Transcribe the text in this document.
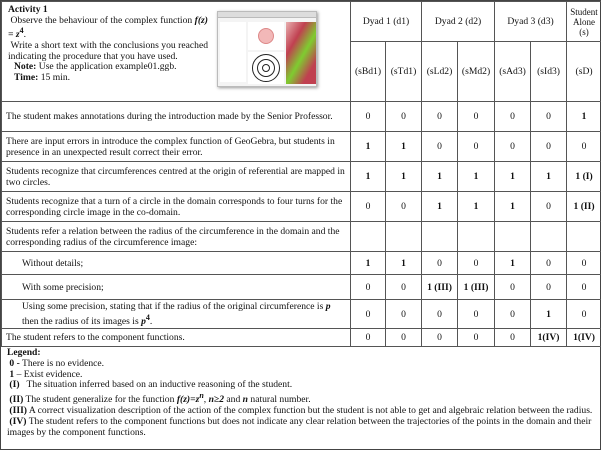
Activity 1

Observe the behaviour of the complex function $f(z) = z^4$.

Write a short text with the conclusions you reached indicating the procedure that you have used.

Note: Use the application example01.ggb.

Time: 15 min.	Dyad 1 (d1)		Dyad 2 (d2)		Dyad 3 (d3)		Student Alone (s)
	(sBd1)	(sTd1)	(sLd2)	(sMd2)	(sAd3)	(sId3)	(sD)
The student makes annotations during the introduction made by the Senior Professor.	0	0	0	0	0	0	1
There are input errors in introduce the complex function of GeoGebra, but students in presence in an unexpected result correct their error.	1	1	0	0	0	0	0
Students recognize that circumferences centred at the origin of referential are mapped in two circles.	1	1	1	1	1	1	1 (I)
Students recognize that a turn of a circle in the domain corresponds to four turns for the corresponding circle image in the co-domain.	0	0	1	1	1	0	1 (II)
Students refer a relation between the radius of the circumference in the domain and the corresponding radius of the circumference image:							
Without details;	1	1	0	0	1	0	0
With some precision;	0	0	1 (III)	1 (III)	0	0	0
Using some precision, stating that if the radius of the original circumference is p then the radius of its images is $p^4$.	0	0	0	0	0	1	0
The student refers to the component functions.	0	0	0	0	0	1(IV)	1(IV)
Legend:
0 - There is no evidence.
1 – Exist evidence.
(I)   The situation inferred based on an inductive reasoning of the student.
(II) The student generalize for the function $f(z)=z^n$, n≥2 and n natural number.
(III) A correct visualization description of the action of the complex function but the student is not able to get and algebraic relation between the radius.
(IV) The student refers to the component functions but does not indicate any clear relation between the trajectories of the points in the domain and their images by the component functions.
